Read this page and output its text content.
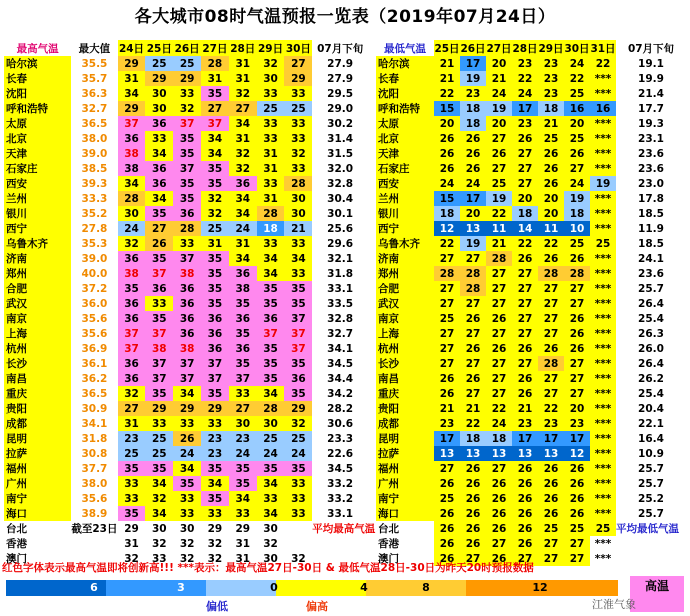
各大城市08时气温预报一览表（2019年07月24日）
最高气温	最大值	24日	25日	26日	27日	28日	29日	30日	07月下旬
哈尔滨	35.5	29	25	25	28	31	32	27	27.9
长春	35.7	31	29	29	31	31	30	29	27.9
沈阳	36.3	34	30	33	35	32	33	33	29.5
呼和浩特	32.7	29	30	32	27	27	25	25	29.0
太原	36.5	37	36	37	37	34	33	33	30.2
北京	38.0	36	33	35	34	31	33	33	31.4
天津	39.0	38	34	35	34	32	31	32	31.5
石家庄	38.5	38	36	37	35	32	31	33	32.0
西安	39.3	34	36	35	35	36	33	28	32.8
兰州	33.3	28	34	35	32	34	31	30	30.4
银川	35.2	30	35	36	32	34	28	30	30.1
西宁	27.8	24	27	28	25	24	18	21	25.6
乌鲁木齐	35.3	32	26	33	31	31	33	33	29.6
济南	39.0	36	35	37	35	34	34	34	32.1
郑州	40.0	38	37	38	35	36	34	33	31.8
合肥	37.2	35	36	36	35	38	35	35	33.1
武汉	36.0	36	33	36	35	35	35	35	33.5
南京	35.6	36	35	36	36	36	36	37	32.8
上海	35.6	37	37	36	36	35	37	37	32.7
杭州	36.9	37	38	38	36	36	35	37	34.1
长沙	36.1	36	37	37	37	35	35	35	34.5
南昌	36.2	36	37	37	37	37	35	36	34.4
重庆	36.5	32	35	34	35	33	34	35	34.2
贵阳	30.9	27	29	29	29	27	28	29	28.2
成都	34.1	31	33	33	33	30	30	32	30.6
昆明	31.8	23	25	26	23	23	25	25	23.3
拉萨	30.8	25	25	24	23	24	24	24	22.6
福州	37.7	35	35	34	35	35	35	35	34.5
广州	38.0	33	34	35	34	35	34	33	33.2
南宁	35.6	33	32	33	35	34	33	33	33.2
海口	38.9	35	34	33	33	33	34	33	33.1
台北	截至23日	29	30	30	29	29	30		平均最高气温
香港		31	32	32	32	31	32		
澳门		32	33	32	32	31	30	32	
最低气温	25日	26日	27日	28日	29日	30日	31日	07月下旬
哈尔滨	21	17	20	23	23	24	22	19.1
长春	21	19	21	22	23	22	***	19.9
沈阳	22	23	24	24	23	25	***	21.4
呼和浩特	15	18	19	17	18	16	16	17.7
太原	20	18	20	23	21	20	***	19.3
北京	26	26	27	26	25	25	***	23.1
天津	26	26	26	27	26	26	***	23.6
石家庄	26	26	27	27	26	27	***	23.6
西安	24	24	25	27	26	24	19	23.0
兰州	15	17	19	20	20	19	***	17.8
银川	18	20	22	18	20	18	***	18.5
西宁	12	13	11	14	11	10	***	11.9
乌鲁木齐	22	19	21	22	22	25	25	18.5
济南	27	27	28	26	26	26	***	24.1
郑州	28	28	27	27	28	28	***	23.6
合肥	27	28	27	27	27	27	***	25.7
武汉	27	27	27	27	27	27	***	26.4
南京	25	26	26	27	27	26	***	25.4
上海	27	27	27	27	27	26	***	26.3
杭州	27	26	26	26	26	26	***	26.0
长沙	27	27	27	27	28	27	***	26.4
南昌	26	26	27	26	27	27	***	26.2
重庆	26	27	27	26	27	27	***	25.4
贵阳	21	21	22	21	22	20	***	20.4
成都	23	22	24	23	23	23	***	22.1
昆明	17	18	18	17	17	17	***	16.4
拉萨	13	13	13	13	13	12	***	10.9
福州	27	26	27	26	26	26	***	25.7
广州	26	26	26	26	26	26	***	25.7
南宁	25	26	26	26	26	26	***	25.2
海口	26	26	26	26	26	26	***	25.7
台北	26	26	26	26	25	25	25	平均最低气温
香港	26	26	27	26	27	27	***	
澳门	26	27	26	27	27	27	***	
红色字体表示最高气温即将创新高!!! ***表示：最高气温27日-30日 & 最低气温28日-30日为昨天20时预报数据
6	3	0	4	8	12
偏低	偏高
高温
江淮气象
